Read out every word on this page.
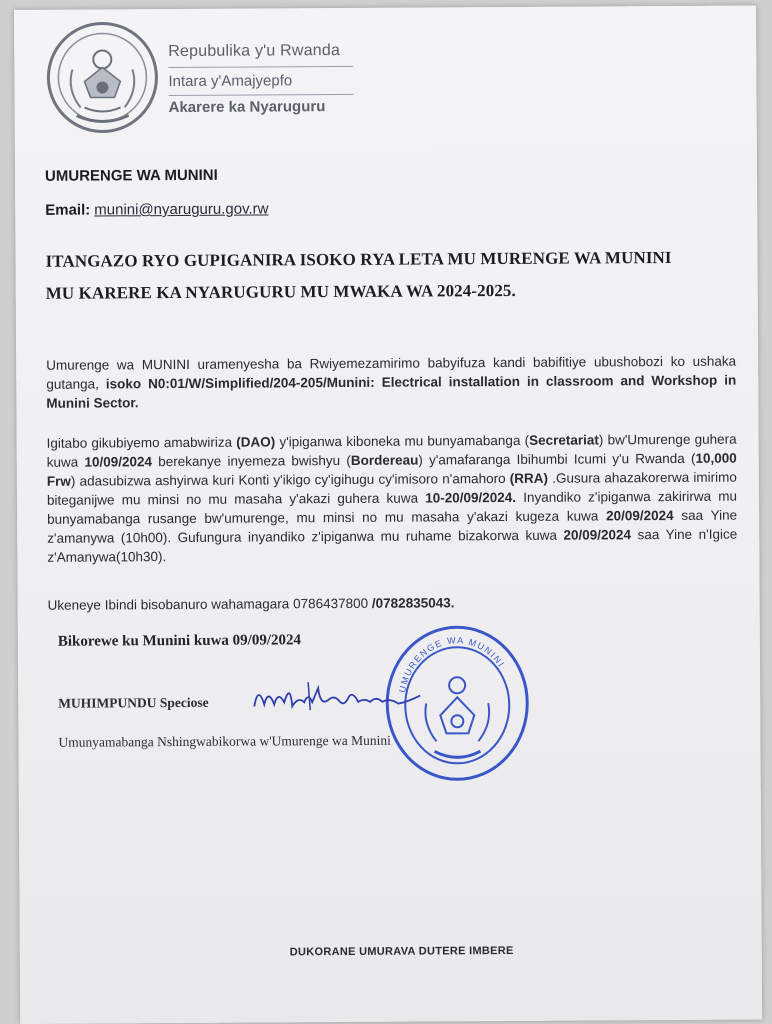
Repubulika y'u Rwanda
Intara y'Amajyepfo
Akarere ka Nyaruguru
UMURENGE WA MUNINI
Email: munini@nyaruguru.gov.rw
ITANGAZO RYO GUPIGANIRA ISOKO RYA LETA MU MURENGE WA MUNINI
MU KARERE KA NYARUGURU MU MWAKA WA 2024-2025.
Umurenge wa MUNINI uramenyesha ba Rwiyemezamirimo babyifuza kandi babifitiye ubushobozi ko ushaka gutanga, isoko N0:01/W/Simplified/204-205/Munini: Electrical installation in classroom and Workshop in Munini Sector.
Igitabo gikubiyemo amabwiriza (DAO) y'ipiganwa kiboneka mu bunyamabanga (Secretariat) bw'Umurenge guhera kuwa 10/09/2024 berekanye inyemeza bwishyu (Bordereau) y'amafaranga Ibihumbi Icumi y'u Rwanda (10,000 Frw) adasubizwa ashyirwa kuri Konti y'ikigo cy'igihugu cy'imisoro n'amahoro (RRA) .Gusura ahazakorerwa imirimo biteganijwe mu minsi no mu masaha y'akazi guhera kuwa 10-20/09/2024. Inyandiko z'ipiganwa zakirirwa mu bunyamabanga rusange bw'umurenge, mu minsi no mu masaha y'akazi kugeza kuwa 20/09/2024 saa Yine z'amanywa (10h00). Gufungura inyandiko z'ipiganwa mu ruhame bizakorwa kuwa 20/09/2024 saa Yine n'Igice z'Amanywa(10h30).
Ukeneye Ibindi bisobanuro wahamagara 0786437800 /0782835043.
Bikorewe ku Munini kuwa 09/09/2024
UMURENGE WA MUNINI
MUHIMPUNDU Speciose
Umunyamabanga Nshingwabikorwa w'Umurenge wa Munini
DUKORANE UMURAVA DUTERE IMBERE
